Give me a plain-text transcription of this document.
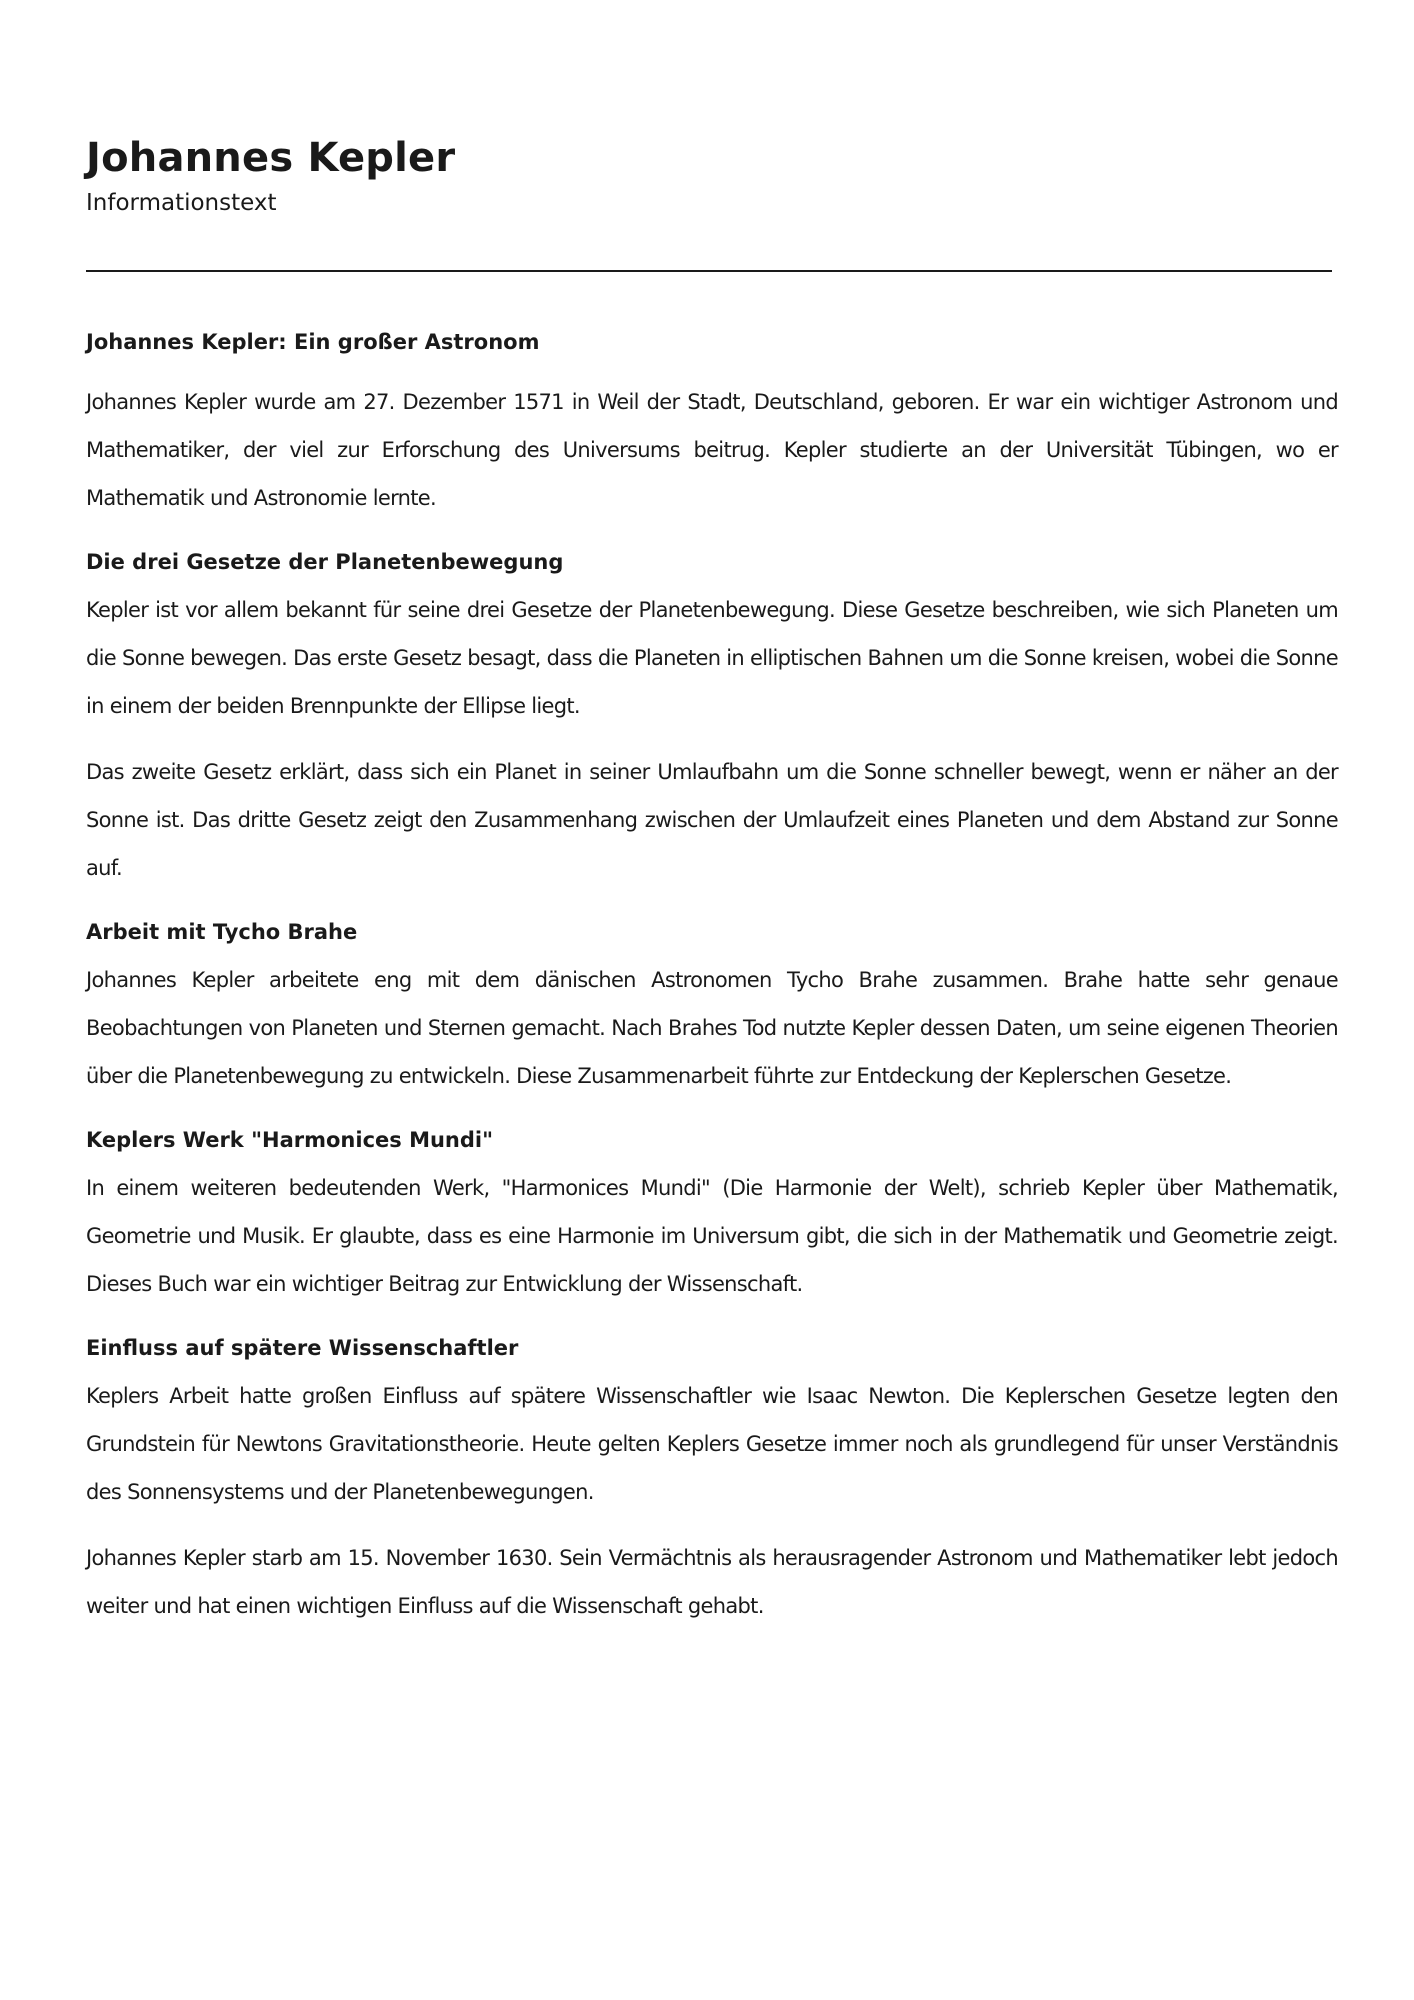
Johannes Kepler

Informationstext

Johannes Kepler: Ein großer Astronom

Johannes Kepler wurde am 27. Dezember 1571 in Weil der Stadt, Deutschland, geboren. Er war ein wichtiger Astronom und Mathematiker, der viel zur Erforschung des Universums beitrug. Kepler studierte an der Universität Tübingen, wo er Mathematik und Astronomie lernte.

Die drei Gesetze der Planetenbewegung

Kepler ist vor allem bekannt für seine drei Gesetze der Planetenbewegung. Diese Gesetze beschreiben, wie sich Planeten um die Sonne bewegen. Das erste Gesetz besagt, dass die Planeten in elliptischen Bahnen um die Sonne kreisen, wobei die Sonne in einem der beiden Brennpunkte der Ellipse liegt.

Das zweite Gesetz erklärt, dass sich ein Planet in seiner Umlaufbahn um die Sonne schneller bewegt, wenn er näher an der Sonne ist. Das dritte Gesetz zeigt den Zusammenhang zwischen der Umlaufzeit eines Planeten und dem Abstand zur Sonne auf.

Arbeit mit Tycho Brahe

Johannes Kepler arbeitete eng mit dem dänischen Astronomen Tycho Brahe zusammen. Brahe hatte sehr genaue Beobachtungen von Planeten und Sternen gemacht. Nach Brahes Tod nutzte Kepler dessen Daten, um seine eigenen Theorien über die Planetenbewegung zu entwickeln. Diese Zusammenarbeit führte zur Entdeckung der Keplerschen Gesetze.

Keplers Werk "Harmonices Mundi"

In einem weiteren bedeutenden Werk, "Harmonices Mundi" (Die Harmonie der Welt), schrieb Kepler über Mathematik, Geometrie und Musik. Er glaubte, dass es eine Harmonie im Universum gibt, die sich in der Mathematik und Geometrie zeigt. Dieses Buch war ein wichtiger Beitrag zur Entwicklung der Wissenschaft.

Einfluss auf spätere Wissenschaftler

Keplers Arbeit hatte großen Einfluss auf spätere Wissenschaftler wie Isaac Newton. Die Keplerschen Gesetze legten den Grundstein für Newtons Gravitationstheorie. Heute gelten Keplers Gesetze immer noch als grundlegend für unser Verständnis des Sonnensystems und der Planetenbewegungen.

Johannes Kepler starb am 15. November 1630. Sein Vermächtnis als herausragender Astronom und Mathematiker lebt jedoch weiter und hat einen wichtigen Einfluss auf die Wissenschaft gehabt.
